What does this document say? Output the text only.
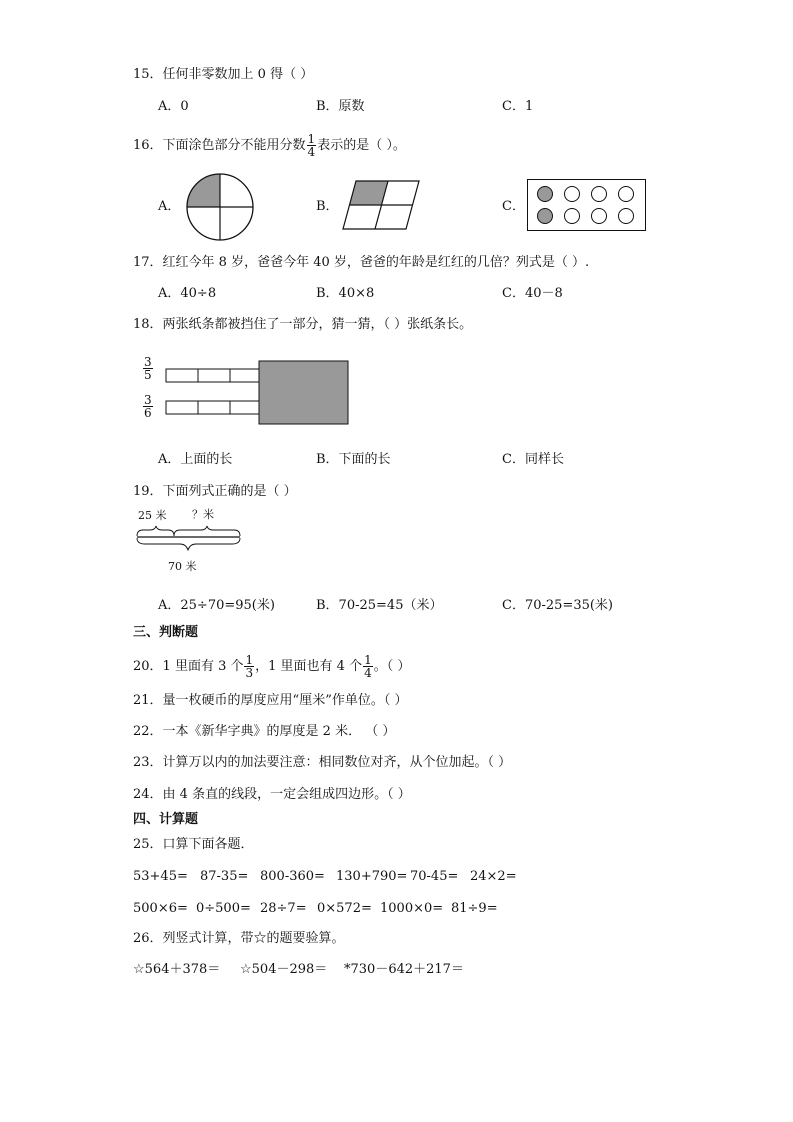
15．任何非零数加上 0 得（ ）
A．0	B．原数	C．1
16．下面涂色部分不能用分数 $\frac{1}{4}$ 表示的是（ ）。
A．	B．	C．
17．红红今年 8 岁，爸爸今年 40 岁，爸爸的年龄是红红的几倍？列式是（ ）.
A．40÷8	B．40×8	C．40－8
18．两张纸条都被挡住了一部分，猜一猜，（ ）张纸条长。
$\frac{3}{5}$
$\frac{3}{6}$
A．上面的长	B．下面的长	C．同样长
19．下面列式正确的是（ ）
25 米 ？米
70 米
A．25÷70=95(米)	B．70-25=45（米）	C．70-25=35(米)
三、判断题
20．1 里面有 3 个 $\frac{1}{3}$ ，1 里面也有 4 个 $\frac{1}{4}$ 。（ ）
21．量一枚硬币的厚度应用“厘米”作单位。（ ）
22．一本《新华字典》的厚度是 2 米． （ ）
23．计算万以内的加法要注意：相同数位对齐，从个位加起。（ ）
24．由 4 条直的线段，一定会组成四边形。（ ）
四、计算题
25．口算下面各题．
53+45= 87-35= 800-360= 130+790= 70-45= 24×2=
500×6= 0÷500= 28÷7= 0×572= 1000×0= 81÷9=
26．列竖式计算，带☆的题要验算。
☆564＋378＝ ☆504－298＝ *730－642＋217＝
